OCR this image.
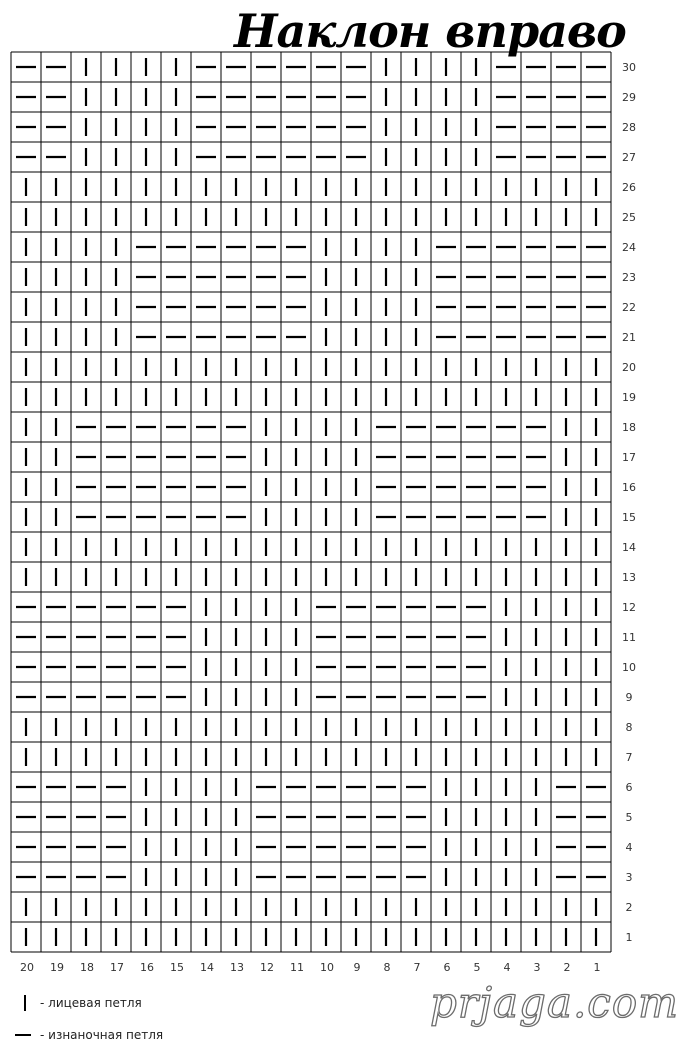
30
29
28
27
26
25
24
23
22
21
20
19
18
17
16
15
14
13
12
11
10
9
8
7
6
5
4
3
2
1
20 19 18 17 16 15 14 13 12 11 10 9 8 7 6 5 4 3 2 1
Наклон вправо
- лицевая петля
- изнаночная петля
prjaga.com
